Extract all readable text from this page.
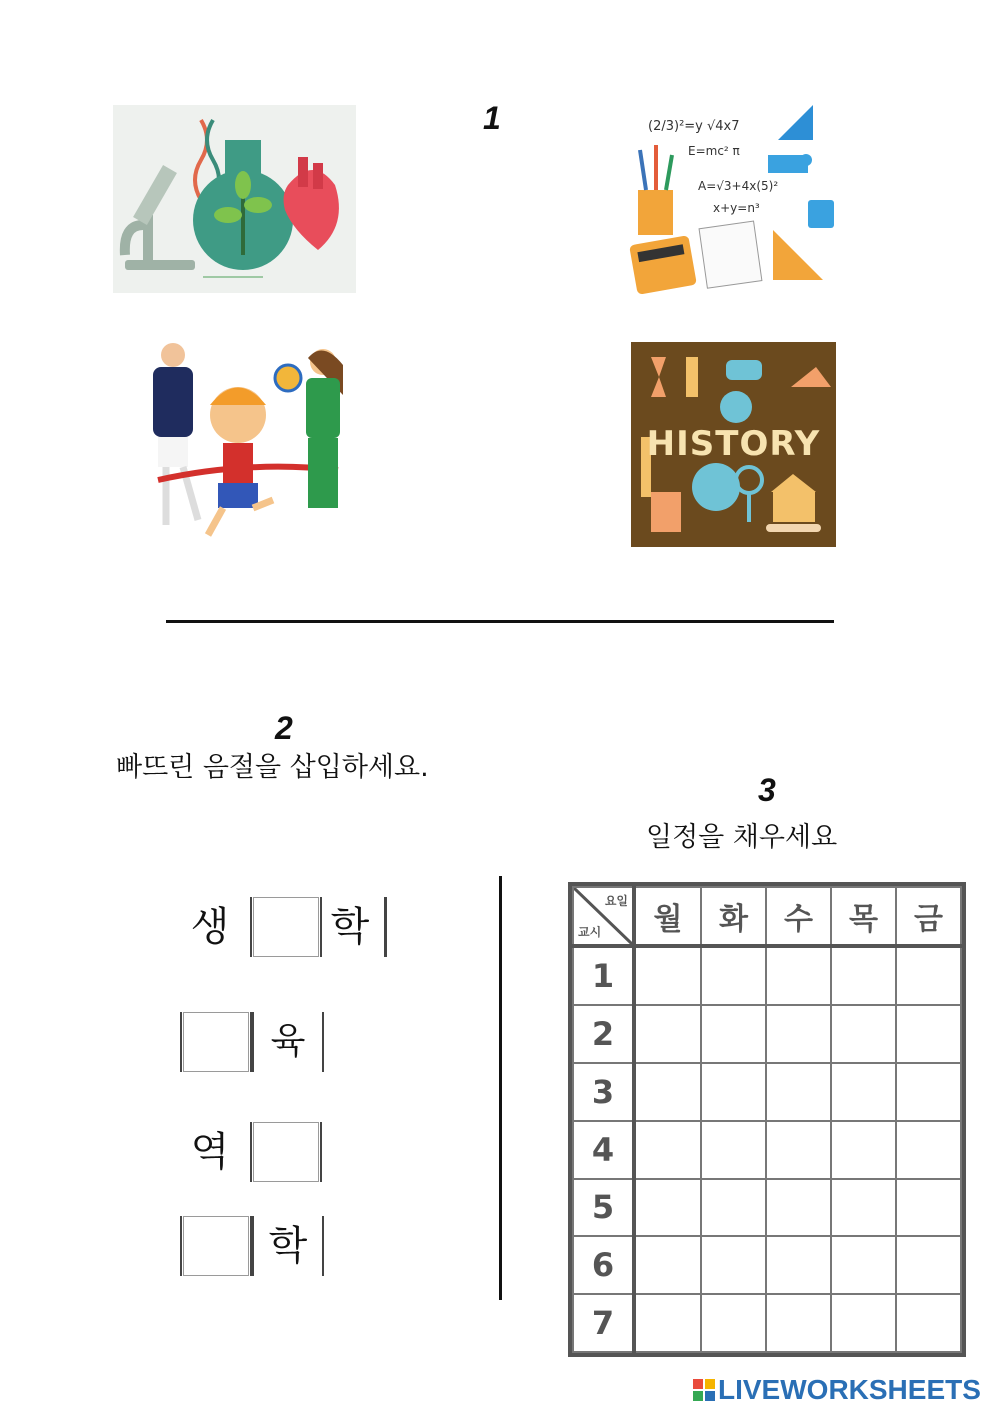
1	(2/3)²=y √4x7
E=mc² π
A=√3+4x(5)²
x+y=n³
HISTORY
2
빠뜨린 음절을 삽입하세요.
생	학
육
역
학
3
일정을 채우세요
요일
교시	월	화	수	목	금
1					
2					
3					
4					
5					
6					
7					
LIVEWORKSHEETS
